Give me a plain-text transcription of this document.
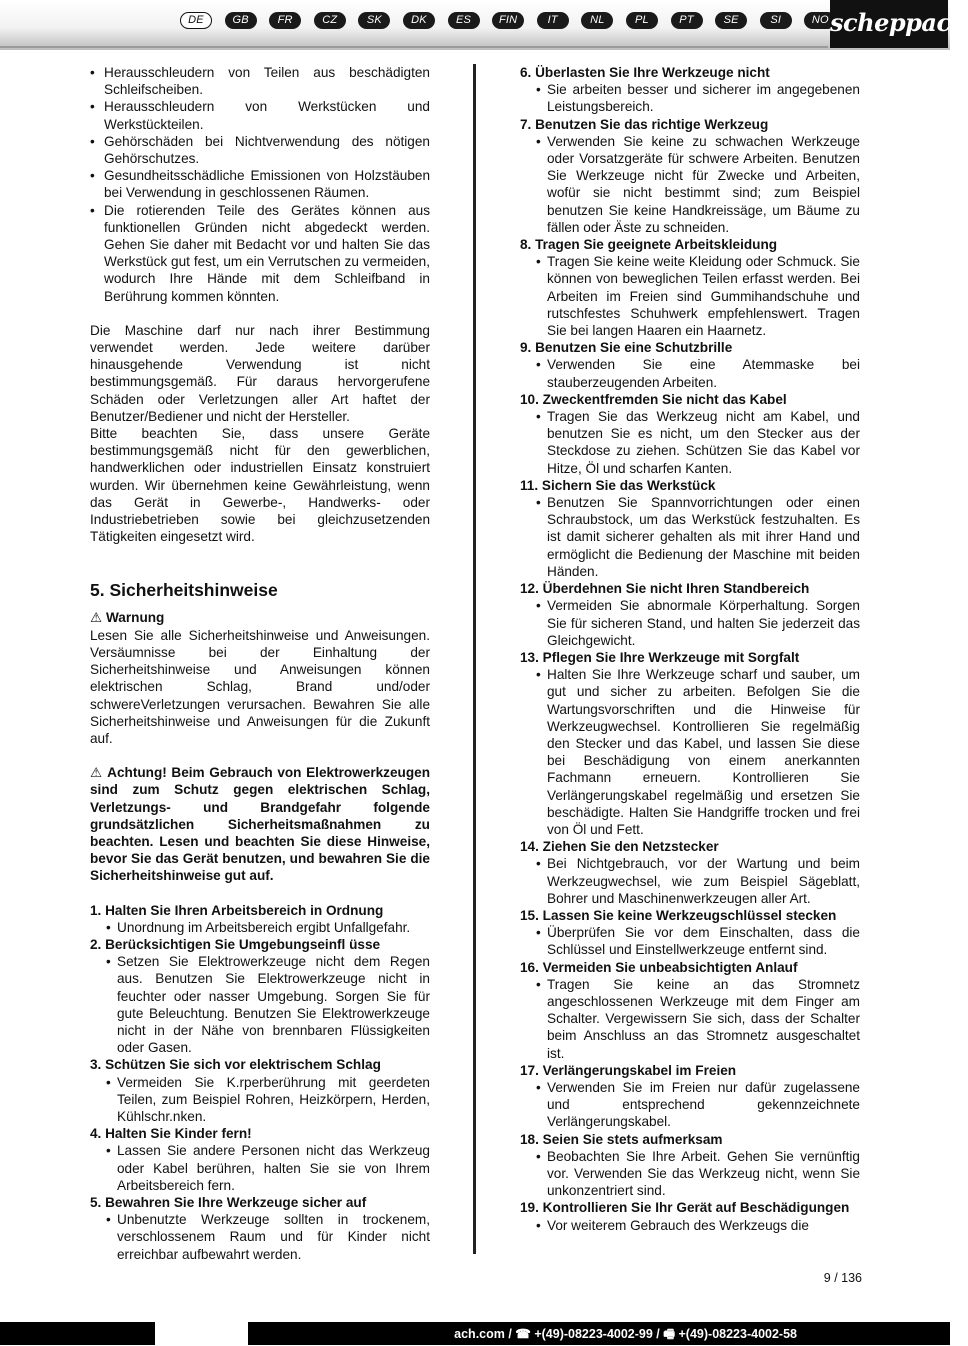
DE	GB	FR	CZ	SK	DK	ES	FIN	IT	NL	PL	PT	SE	SI	NO scheppach
• Herausschleudern von Teilen aus beschädigten Schleifscheiben.
• Herausschleudern von Werkstücken und Werkstückteilen.
• Gehörschäden bei Nichtverwendung des nötigen Gehörschutzes.
• Gesundheitsschädliche Emissionen von Holzstäuben bei Verwendung in geschlossenen Räumen.
• Die rotierenden Teile des Gerätes können aus funktionellen Gründen nicht abgedeckt werden. Gehen Sie daher mit Bedacht vor und halten Sie das Werkstück gut fest, um ein Verrutschen zu vermeiden, wodurch Ihre Hände mit dem Schleifband in Berührung kommen könnten.

Die Maschine darf nur nach ihrer Bestimmung verwendet werden. Jede weitere darüber hinausgehende Verwendung ist nicht bestimmungsgemäß. Für daraus hervorgerufene Schäden oder Verletzungen aller Art haftet der Benutzer/Bediener und nicht der Hersteller.

Bitte beachten Sie, dass unsere Geräte bestimmungsgemäß nicht für den gewerblichen, handwerklichen oder industriellen Einsatz konstruiert wurden. Wir übernehmen keine Gewährleistung, wenn das Gerät in Gewerbe-, Handwerks- oder Industriebetrieben sowie bei gleichzusetzenden Tätigkeiten eingesetzt wird.

5. Sicherheitshinweise
⚠ Warnung

Lesen Sie alle Sicherheitshinweise und Anweisungen. Versäumnisse bei der Einhaltung der Sicherheitshinweise und Anweisungen können elektrischen Schlag, Brand und/oder schwereVerletzungen verursachen. Bewahren Sie alle Sicherheitshinweise und Anweisungen für die Zukunft auf.

⚠ Achtung! Beim Gebrauch von Elektrowerkzeugen sind zum Schutz gegen elektrischen Schlag, Verletzungs- und Brandgefahr folgende grundsätzlichen Sicherheitsmaßnahmen zu beachten. Lesen und beachten Sie diese Hinweise, bevor Sie das Gerät benutzen, und bewahren Sie die Sicherheitshinweise gut auf.

1. Halten Sie Ihren Arbeitsbereich in Ordnung
• Unordnung im Arbeitsbereich ergibt Unfallgefahr.
2. Berücksichtigen Sie Umgebungseinfl üsse
• Setzen Sie Elektrowerkzeuge nicht dem Regen aus. Benutzen Sie Elektrowerkzeuge nicht in feuchter oder nasser Umgebung. Sorgen Sie für gute Beleuchtung. Benutzen Sie Elektrowerkzeuge nicht in der Nähe von brennbaren Flüssigkeiten oder Gasen.
3. Schützen Sie sich vor elektrischem Schlag
• Vermeiden Sie K.rperberührung mit geerdeten Teilen, zum Beispiel Rohren, Heizkörpern, Herden, Kühlschr.nken.
4. Halten Sie Kinder fern!
• Lassen Sie andere Personen nicht das Werkzeug oder Kabel berühren, halten Sie sie von Ihrem Arbeitsbereich fern.
5. Bewahren Sie Ihre Werkzeuge sicher auf
• Unbenutzte Werkzeuge sollten in trockenem, verschlossenem Raum und für Kinder nicht erreichbar aufbewahrt werden.
6. Überlasten Sie Ihre Werkzeuge nicht
• Sie arbeiten besser und sicherer im angegebenen Leistungsbereich.
7. Benutzen Sie das richtige Werkzeug
• Verwenden Sie keine zu schwachen Werkzeuge oder Vorsatzgeräte für schwere Arbeiten. Benutzen Sie Werkzeuge nicht für Zwecke und Arbeiten, wofür sie nicht bestimmt sind; zum Beispiel benutzen Sie keine Handkreissäge, um Bäume zu fällen oder Äste zu schneiden.
8. Tragen Sie geeignete Arbeitskleidung
• Tragen Sie keine weite Kleidung oder Schmuck. Sie können von beweglichen Teilen erfasst werden. Bei Arbeiten im Freien sind Gummihandschuhe und rutschfestes Schuhwerk empfehlenswert. Tragen Sie bei langen Haaren ein Haarnetz.
9. Benutzen Sie eine Schutzbrille
• Verwenden Sie eine Atemmaske bei stauberzeugenden Arbeiten.
10. Zweckentfremden Sie nicht das Kabel
• Tragen Sie das Werkzeug nicht am Kabel, und benutzen Sie es nicht, um den Stecker aus der Steckdose zu ziehen. Schützen Sie das Kabel vor Hitze, Öl und scharfen Kanten.
11. Sichern Sie das Werkstück
• Benutzen Sie Spannvorrichtungen oder einen Schraubstock, um das Werkstück festzuhalten. Es ist damit sicherer gehalten als mit ihrer Hand und ermöglicht die Bedienung der Maschine mit beiden Händen.
12. Überdehnen Sie nicht Ihren Standbereich
• Vermeiden Sie abnormale Körperhaltung. Sorgen Sie für sicheren Stand, und halten Sie jederzeit das Gleichgewicht.
13. Pflegen Sie Ihre Werkzeuge mit Sorgfalt
• Halten Sie Ihre Werkzeuge scharf und sauber, um gut und sicher zu arbeiten. Befolgen Sie die Wartungsvorschriften und die Hinweise für Werkzeugwechsel. Kontrollieren Sie regelmäßig den Stecker und das Kabel, und lassen Sie diese bei Beschädigung von einem anerkannten Fachmann erneuern. Kontrollieren Sie Verlängerungskabel regelmäßig und ersetzen Sie beschädigte. Halten Sie Handgriffe trocken und frei von Öl und Fett.
14. Ziehen Sie den Netzstecker
• Bei Nichtgebrauch, vor der Wartung und beim Werkzeugwechsel, wie zum Beispiel Sägeblatt, Bohrer und Maschinenwerkzeugen aller Art.
15. Lassen Sie keine Werkzeugschlüssel stecken
• Überprüfen Sie vor dem Einschalten, dass die Schlüssel und Einstellwerkzeuge entfernt sind.
16. Vermeiden Sie unbeabsichtigten Anlauf
• Tragen Sie keine an das Stromnetz angeschlossenen Werkzeuge mit dem Finger am Schalter. Vergewissern Sie sich, dass der Schalter beim Anschluss an das Stromnetz ausgeschaltet ist.
17. Verlängerungskabel im Freien
• Verwenden Sie im Freien nur dafür zugelassene und entsprechend gekennzeichnete Verlängerungskabel.
18. Seien Sie stets aufmerksam
• Beobachten Sie Ihre Arbeit. Gehen Sie vernünftig vor. Verwenden Sie das Werkzeug nicht, wenn Sie unkonzentriert sind.
19. Kontrollieren Sie Ihr Gerät auf Beschädigungen
• Vor weiterem Gebrauch des Werkzeugs die
9 / 136
ach.com / ☎ +(49)-08223-4002-99 / 🖷 +(49)-08223-4002-58
